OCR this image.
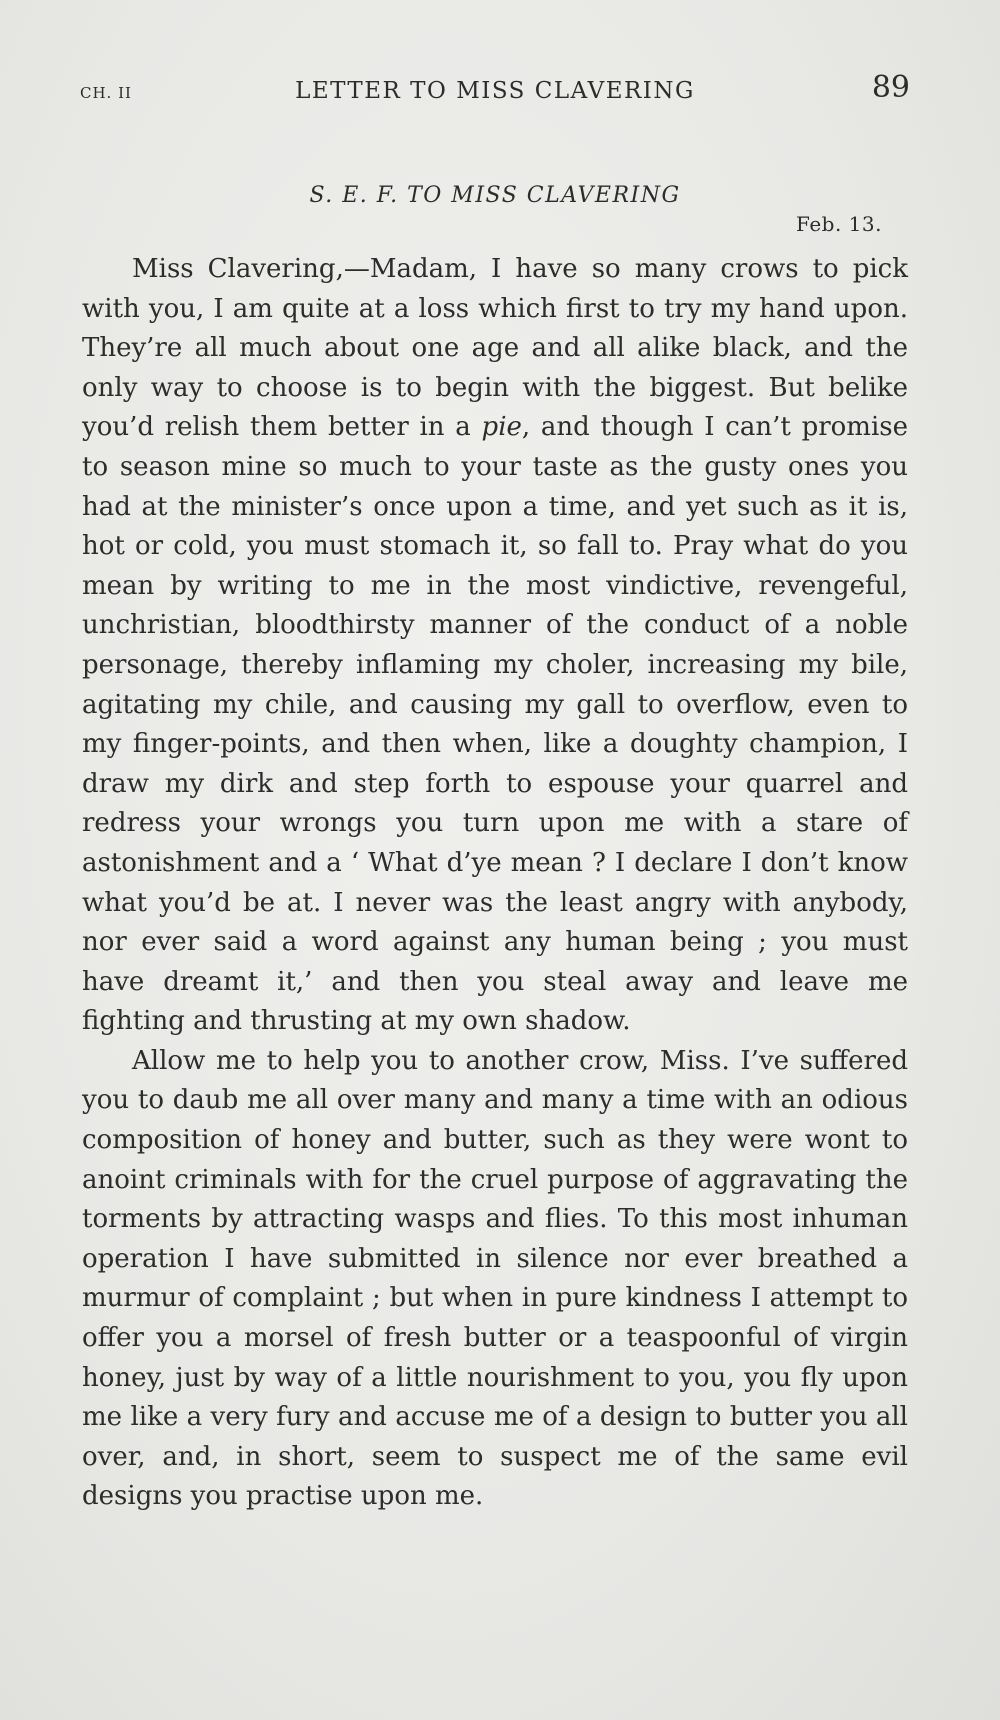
CH. II	LETTER TO MISS CLAVERING	89
S. E. F. TO MISS CLAVERING
Feb. 13.

Miss Clavering,—Madam, I have so many crows to pick with you, I am quite at a loss which first to try my hand upon. They’re all much about one age and all alike black, and the only way to choose is to begin with the biggest. But belike you’d relish them better in a pie, and though I can’t promise to season mine so much to your taste as the gusty ones you had at the minister’s once upon a time, and yet such as it is, hot or cold, you must stomach it, so fall to. Pray what do you mean by writing to me in the most vindictive, revengeful, unchristian, bloodthirsty manner of the conduct of a noble personage, thereby inflaming my choler, increasing my bile, agitating my chile, and causing my gall to overflow, even to my finger-points, and then when, like a doughty champion, I draw my dirk and step forth to espouse your quarrel and redress your wrongs you turn upon me with a stare of astonishment and a ‘ What d’ye mean ? I declare I don’t know what you’d be at. I never was the least angry with anybody, nor ever said a word against any human being ; you must have dreamt it,’ and then you steal away and leave me fighting and thrusting at my own shadow.

Allow me to help you to another crow, Miss. I’ve suffered you to daub me all over many and many a time with an odious composition of honey and butter, such as they were wont to anoint criminals with for the cruel purpose of aggravating the torments by attracting wasps and flies. To this most inhuman operation I have submitted in silence nor ever breathed a murmur of complaint ; but when in pure kindness I attempt to offer you a morsel of fresh butter or a teaspoonful of virgin honey, just by way of a little nourishment to you, you fly upon me like a very fury and accuse me of a design to butter you all over, and, in short, seem to suspect me of the same evil designs you practise upon me.
